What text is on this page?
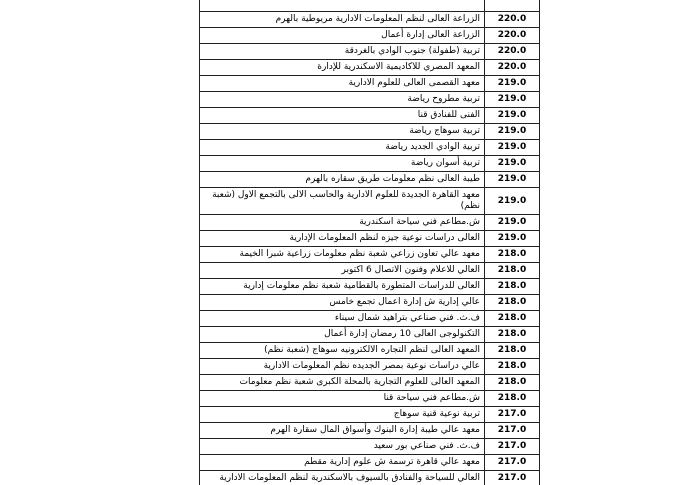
الزراعة العالى لنظم المعلومات الادارية مريوطية بالهرم	220.0
الزراعة العالى إدارة أعمال	220.0
تربية (طفولة) جنوب الوادي بالغردقة	220.0
المعهد المصري للاكاديمية الاسكندرية للإدارة	220.0
معهد القصمى العالى للعلوم الادارية	219.0
تربية مطروح رياضة	219.0
الفنى للفنادق قنا	219.0
تربية سوهاج رياضة	219.0
تربية الوادي الجديد رياضة	219.0
تربية أسوان رياضة	219.0
طيبة العالى نظم معلومات طريق سقاره بالهرم	219.0
معهد القاهرة الجديدة للعلوم الادارية والحاسب الالى بالتجمع الاول (شعبة نظم)	219.0
ش.مطاعم فني سياحة اسكندرية	219.0
العالى دراسات نوعية جيزه لنظم المعلومات الإدارية	219.0
معهد عالي تعاون زراعي شعبة نظم معلومات زراعية شبرا الخيمة	218.0
العالي للاعلام وفنون الاتصال 6 اكتوبر	218.0
العالى للدراسات المتطورة بالقطامية شعبة نظم معلومات إدارية	218.0
عالي إدارية ش إدارة اعمال تجمع خامس	218.0
ف.ث. فني صناعي بتراهيد شمال سيناء	218.0
التكنولوجى العالى 10 رمضان إدارة أعمال	218.0
المعهد العالى لنظم التجاره الالكترونيه سوهاج (شعبة نظم)	218.0
عالي دراسات نوعية بمصر الجديده نظم المعلومات الادارية	218.0
المعهد العالى للعلوم التجارية بالمحلة الكبرى شعبة نظم معلومات	218.0
ش.مطاعم فني سياحة قنا	218.0
تربية نوعية قنية سوهاج	217.0
معهد عالي طيبة إدارة البنوك وأسواق المال سقارة الهرم	217.0
ف.ث. فني صناعي بور سعيد	217.0
معهد عالي قاهرة ترسمة ش علوم إدارية مقطم	217.0
العالي للسياحة والفنادق بالسيوف بالاسكندرية لنظم المعلومات الادارية	217.0
